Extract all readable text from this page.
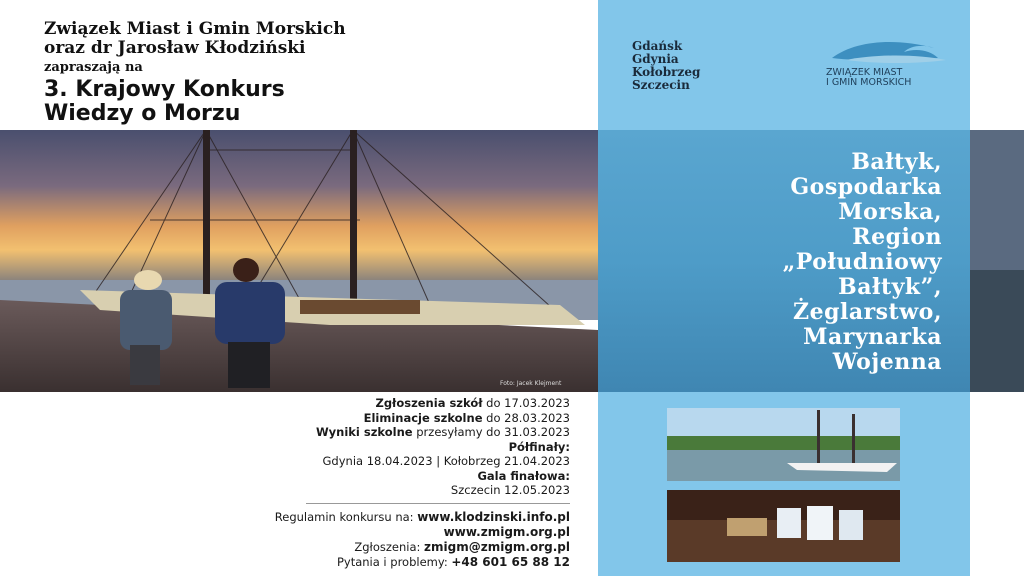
Związek Miast i Gmin Morskich
oraz dr Jarosław Kłodziński
zapraszają na
3. Krajowy Konkurs
Wiedzy o Morzu
Gdańsk
Gdynia
Kołobrzeg
Szczecin
ZWIĄZEK MIAST
I GMIN MORSKICH
Foto: Jacek Klejment
Bałtyk,
Gospodarka
Morska,
Region
„Południowy
Bałtyk”,
Żeglarstwo,
Marynarka
Wojenna
Zgłoszenia szkół do 17.03.2023
Eliminacje szkolne do 28.03.2023
Wyniki szkolne przesyłamy do 31.03.2023
Półfinały:
Gdynia 18.04.2023 | Kołobrzeg 21.04.2023
Gala finałowa:
Szczecin 12.05.2023
Regulamin konkursu na: www.klodzinski.info.pl
www.zmigm.org.pl
Zgłoszenia: zmigm@zmigm.org.pl
Pytania i problemy: +48 601 65 88 12
